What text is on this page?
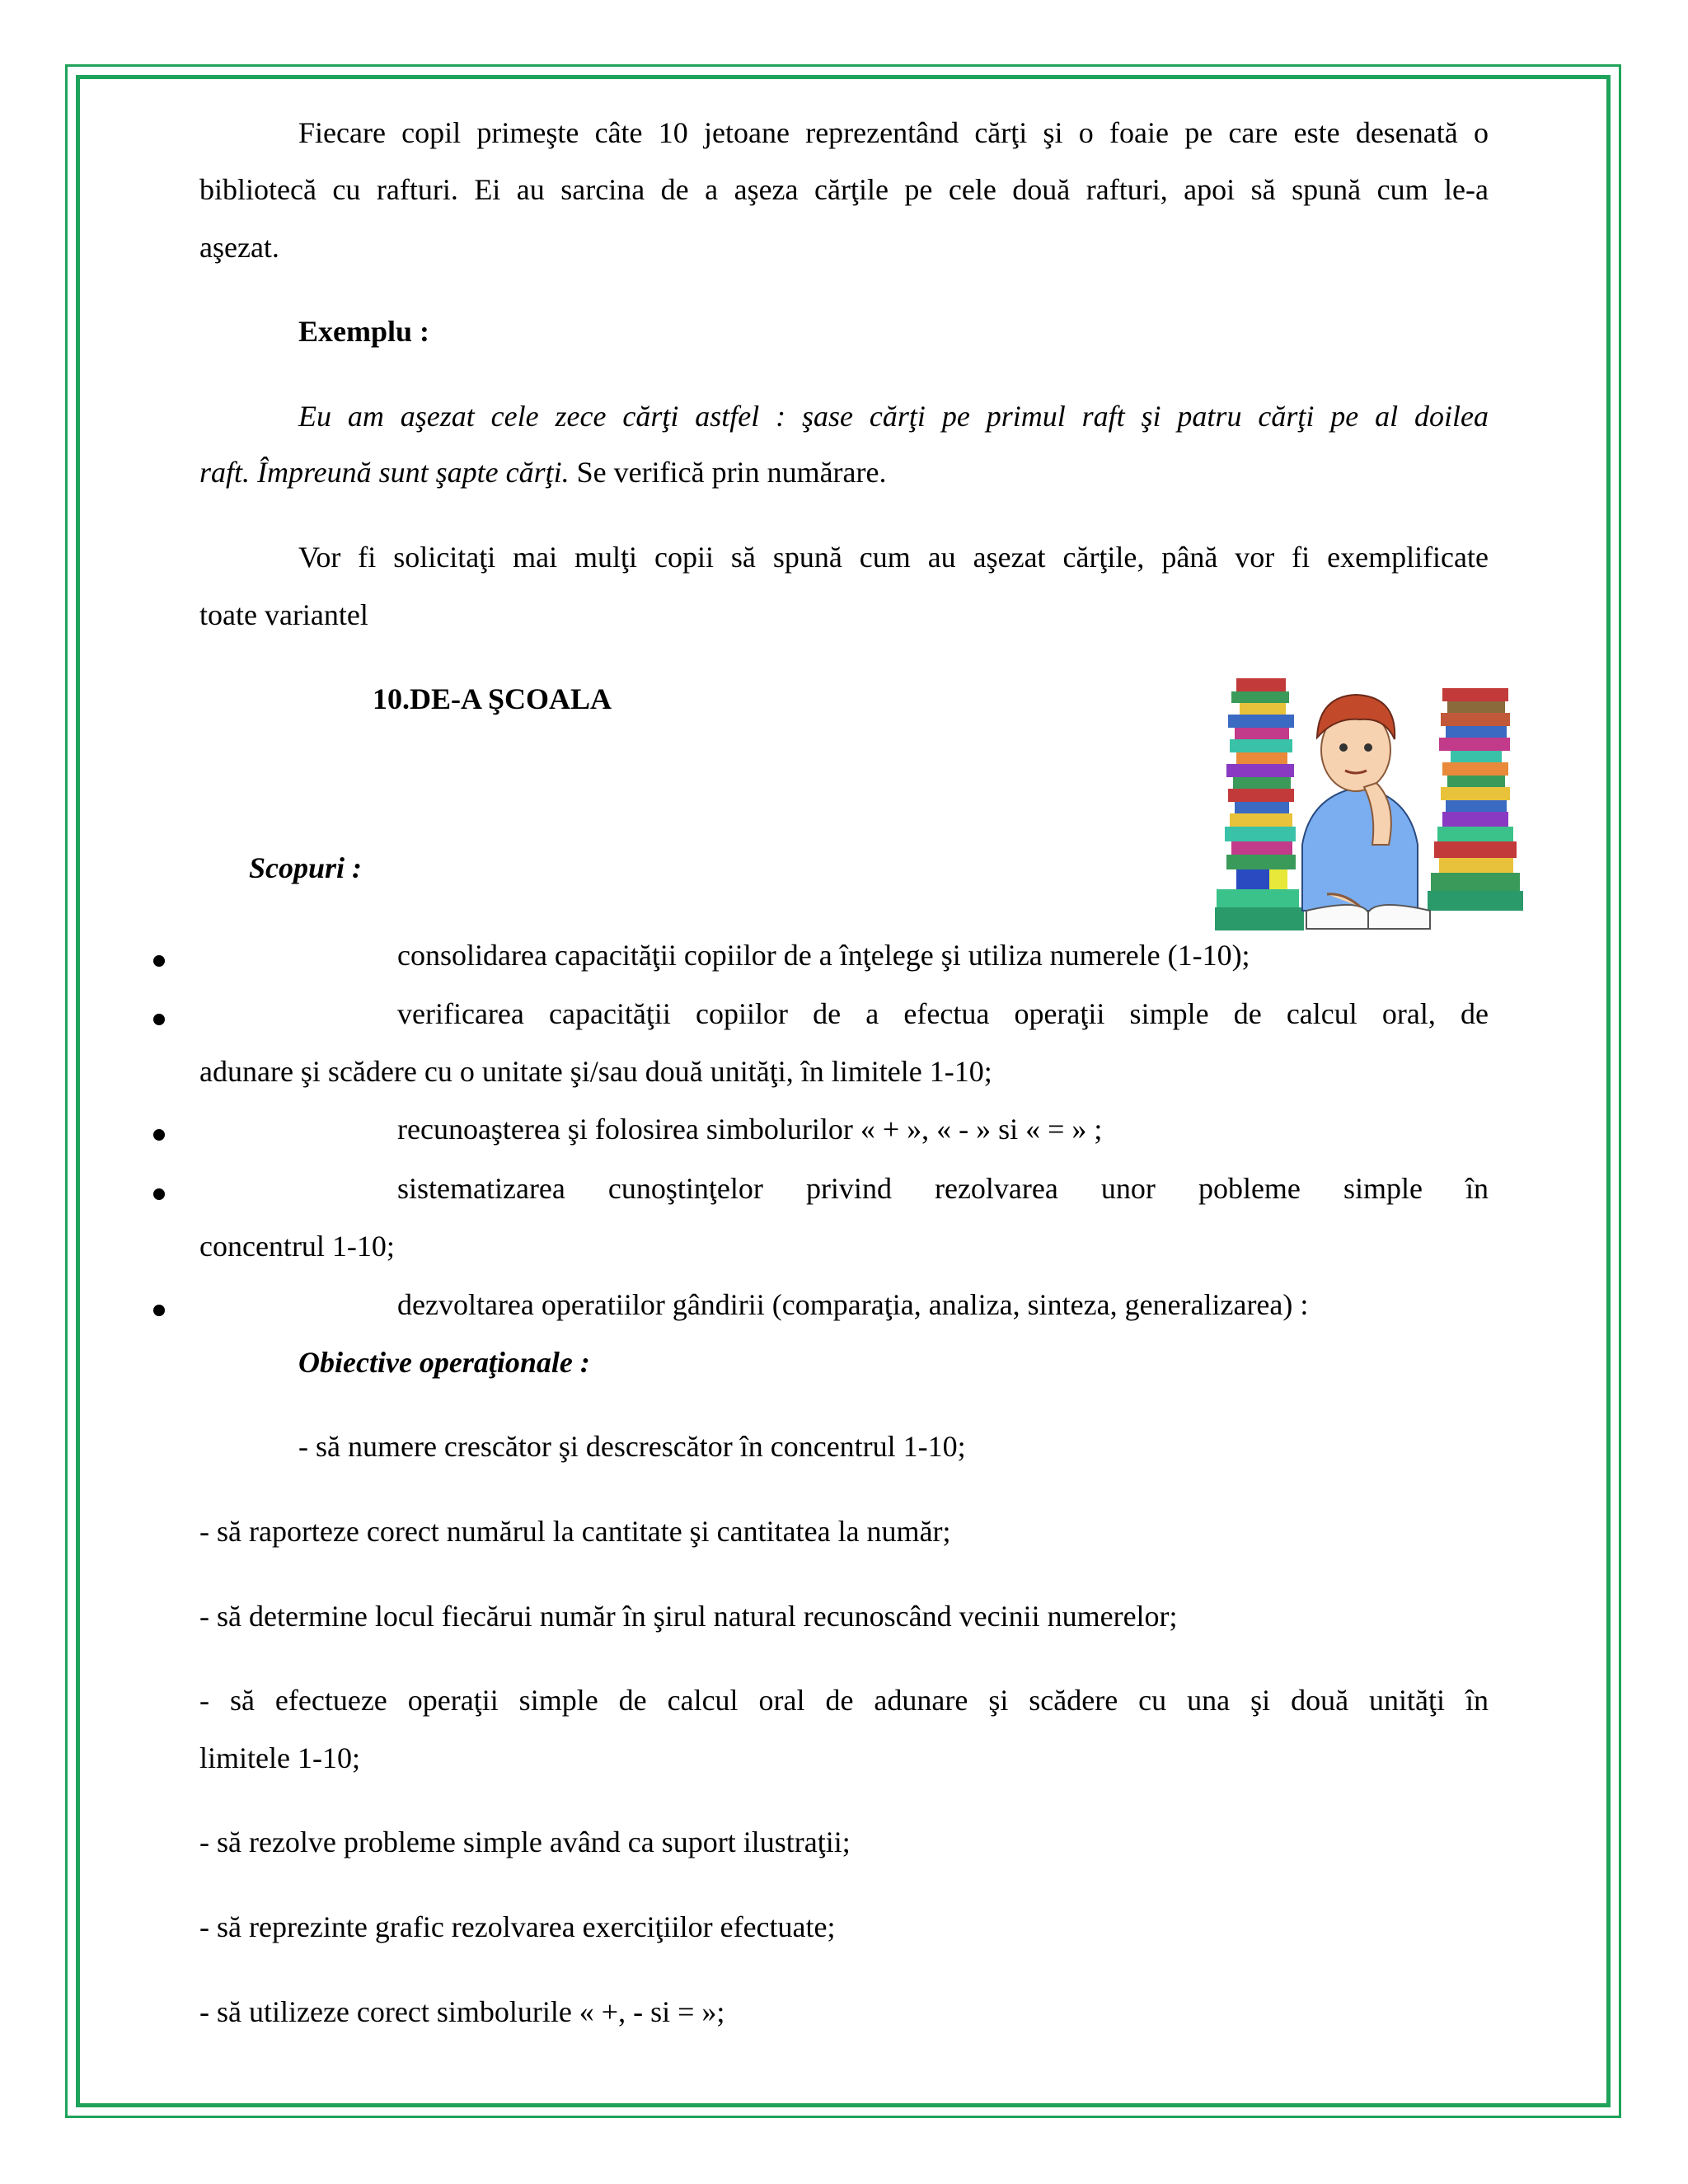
Fiecare copil primeşte câte 10 jetoane reprezentând cărţi şi o foaie pe care este desenată o
bibliotecă cu rafturi. Ei au sarcina de a aşeza cărţile pe cele două rafturi, apoi să spună cum le-a
aşezat.
Exemplu :
Eu am aşezat cele zece cărţi astfel : şase cărţi pe primul raft şi patru cărţi pe al doilea
raft. Împreună sunt şapte cărţi. Se verifică prin numărare.
Vor fi solicitaţi mai mulţi copii să spună cum au aşezat cărţile, până vor fi exemplificate
toate variantel
10.DE-A ŞCOALA
Scopuri :
consolidarea capacităţii copiilor de a înţelege şi utiliza numerele (1-10);
verificarea capacităţii copiilor de a efectua operaţii simple de calcul oral, de
adunare şi scădere cu o unitate şi/sau două unităţi, în limitele 1-10;
recunoaşterea şi folosirea simbolurilor « + », « - » si « = » ;
sistematizarea cunoştinţelor privind rezolvarea unor pobleme simple în
concentrul 1-10;
dezvoltarea operatiilor gândirii (comparaţia, analiza, sinteza, generalizarea) :
Obiective operaţionale :
- să numere crescător şi descrescător în concentrul 1-10;
- să raporteze corect numărul la cantitate şi cantitatea la număr;
- să determine locul fiecărui număr în şirul natural recunoscând vecinii numerelor;
- să efectueze operaţii simple de calcul oral de adunare şi scădere cu una şi două unităţi în
limitele 1-10;
- să rezolve probleme simple având ca suport ilustraţii;
- să reprezinte grafic rezolvarea exerciţiilor efectuate;
- să utilizeze corect simbolurile « +, - si = »;
